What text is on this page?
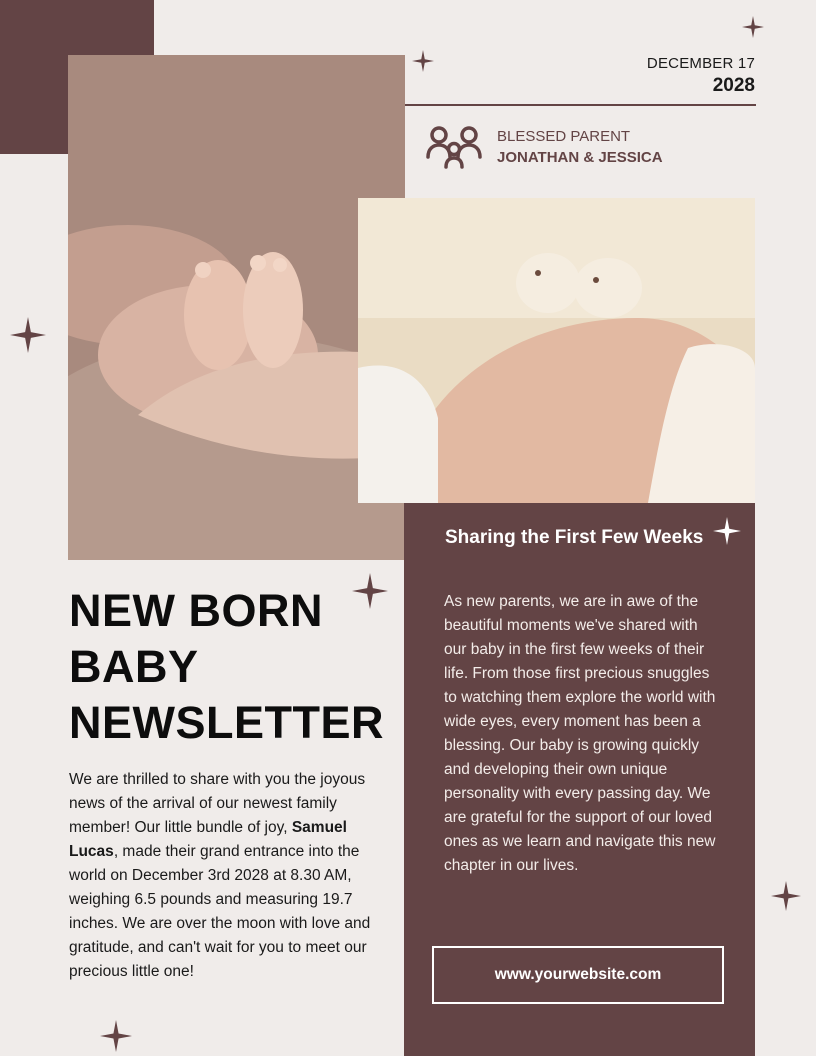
DECEMBER 17
2028
BLESSED PARENT
JONATHAN & JESSICA
Sharing the First Few Weeks
As new parents, we are in awe of the beautiful moments we've shared with our baby in the first few weeks of their life. From those first precious snuggles to watching them explore the world with wide eyes, every moment has been a blessing. Our baby is growing quickly and developing their own unique personality with every passing day. We are grateful for the support of our loved ones as we learn and navigate this new chapter in our lives.
www.yourwebsite.com
NEW BORN
BABY
NEWSLETTER
We are thrilled to share with you the joyous news of the arrival of our newest family member! Our little bundle of joy, Samuel Lucas, made their grand entrance into the world on December 3rd 2028 at 8.30 AM, weighing 6.5 pounds and measuring 19.7 inches. We are over the moon with love and gratitude, and can't wait for you to meet our precious little one!
